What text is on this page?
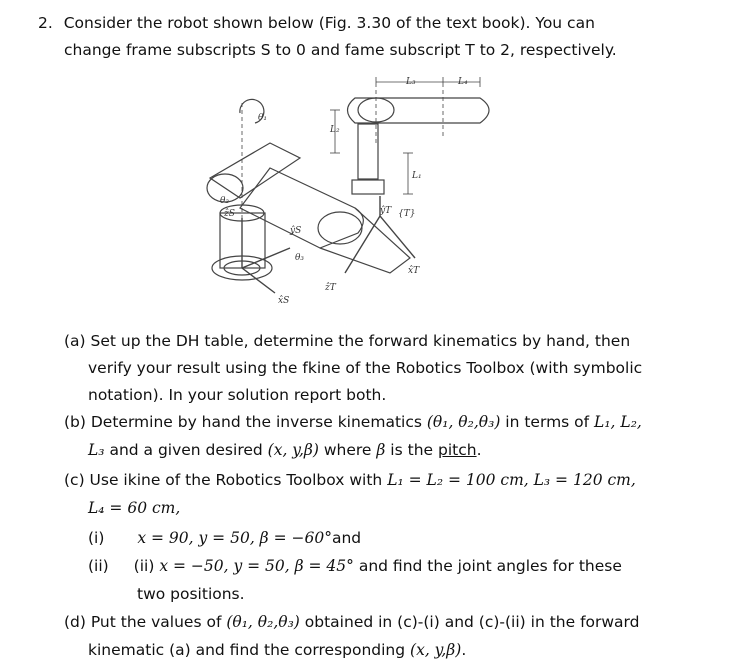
2. Consider the robot shown below (Fig. 3.30 of the text book). You can
change frame subscripts S to 0 and fame subscript T to 2, respectively.
L₃	L₄
L₂
L₁
θ₁
θ₂
θ₃
ẑS
ŷS
x̂S
ẑT
ŷT
x̂T
{T}
(a) Set up the DH table, determine the forward kinematics by hand, then
verify your result using the fkine of the Robotics Toolbox (with symbolic
notation). In your solution report both.
(b) Determine by hand the inverse kinematics (θ₁, θ₂,θ₃) in terms of L₁, L₂,
L₃ and a given desired (x, y,β) where β is the pitch.
(c) Use ikine of the Robotics Toolbox with L₁ = L₂ = 100 cm, L₃ = 120 cm,
L₄ = 60 cm,
(i) x = 90, y = 50, β = −60°and
(ii) (ii) x = −50, y = 50, β = 45° and find the joint angles for these
two positions.
(d) Put the values of (θ₁, θ₂,θ₃) obtained in (c)-(i) and (c)-(ii) in the forward
kinematic (a) and find the corresponding (x, y,β).
